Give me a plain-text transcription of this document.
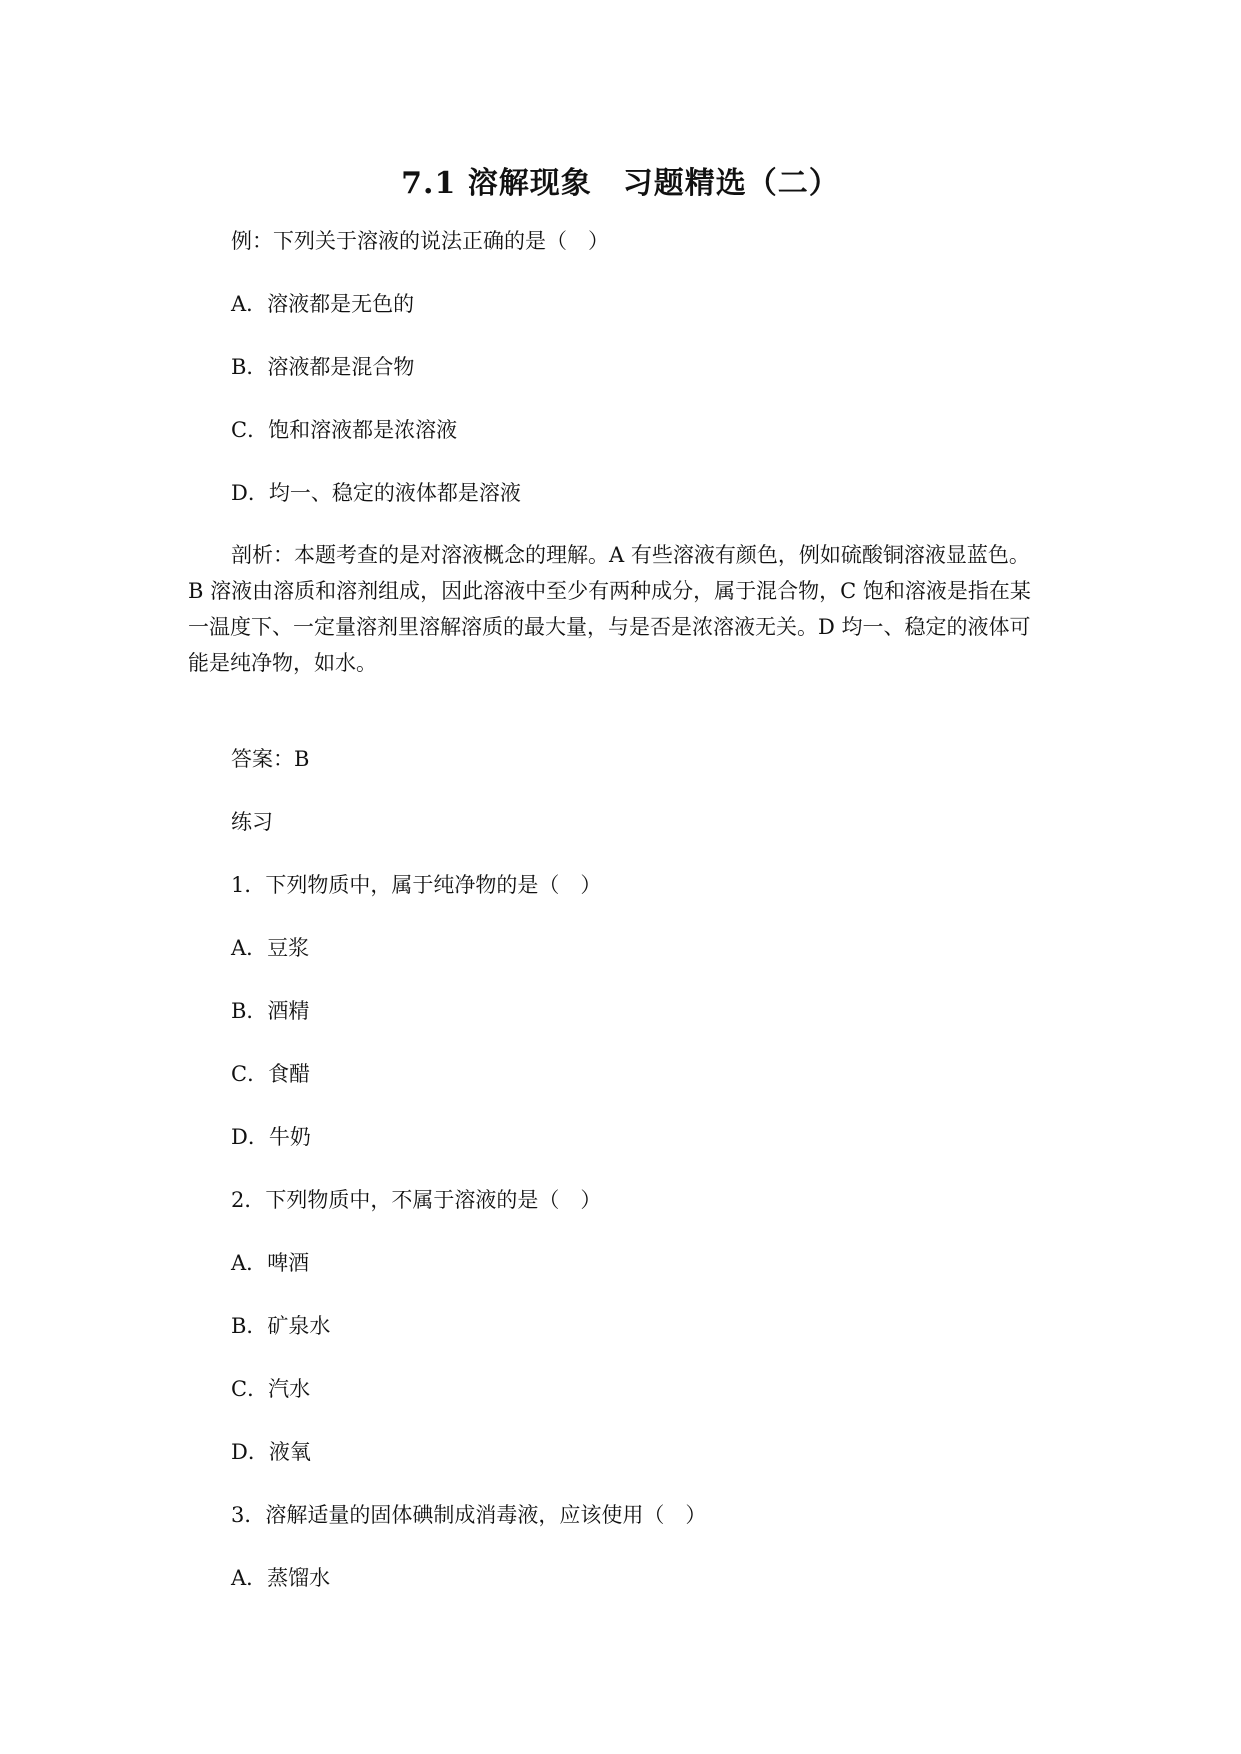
7.1 溶解现象　习题精选（二）
例：下列关于溶液的说法正确的是（　）
A．溶液都是无色的
B．溶液都是混合物
C．饱和溶液都是浓溶液
D．均一、稳定的液体都是溶液
剖析：本题考查的是对溶液概念的理解。A 有些溶液有颜色，例如硫酸铜溶液显蓝色。
B 溶液由溶质和溶剂组成，因此溶液中至少有两种成分，属于混合物，C 饱和溶液是指在某
一温度下、一定量溶剂里溶解溶质的最大量，与是否是浓溶液无关。D 均一、稳定的液体可
能是纯净物，如水。
答案：B
练习
1．下列物质中，属于纯净物的是（　）
A．豆浆
B．酒精
C．食醋
D．牛奶
2．下列物质中，不属于溶液的是（　）
A．啤酒
B．矿泉水
C．汽水
D．液氧
3．溶解适量的固体碘制成消毒液，应该使用（　）
A．蒸馏水
